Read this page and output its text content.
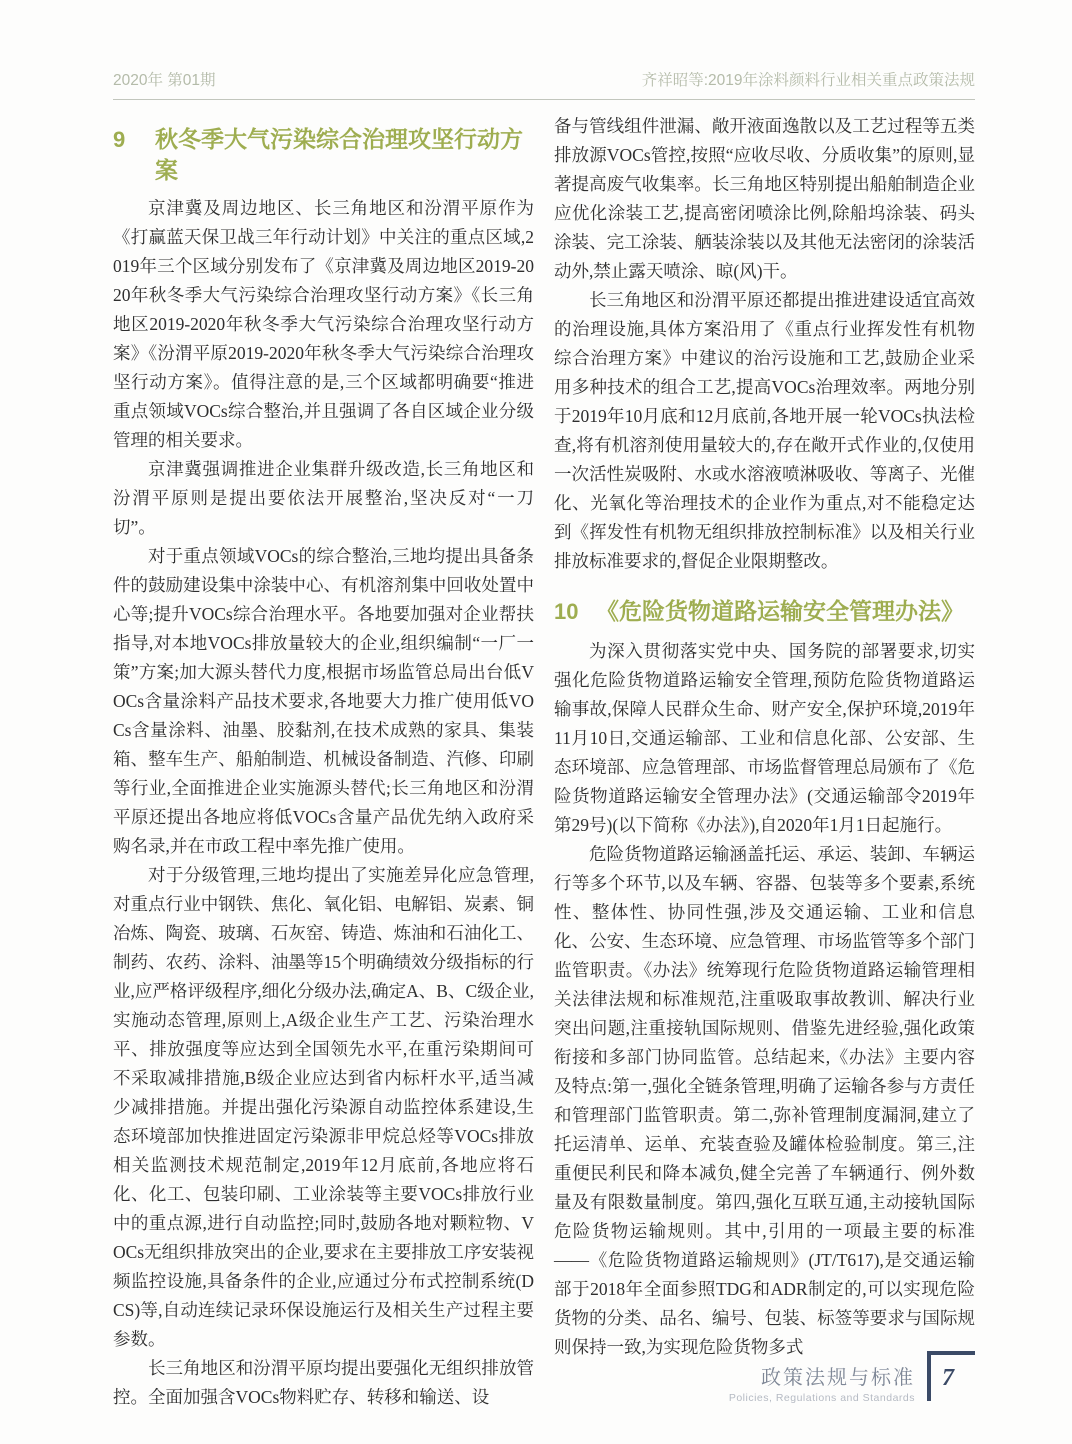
2020年 第01期	齐祥昭等:2019年涂料颜料行业相关重点政策法规
9	秋冬季大气污染综合治理攻坚行动方案

京津冀及周边地区、长三角地区和汾渭平原作为《打赢蓝天保卫战三年行动计划》中关注的重点区域,2019年三个区域分别发布了《京津冀及周边地区2019-2020年秋冬季大气污染综合治理攻坚行动方案》《长三角地区2019-2020年秋冬季大气污染综合治理攻坚行动方案》《汾渭平原2019-2020年秋冬季大气污染综合治理攻坚行动方案》。值得注意的是,三个区域都明确要“推进重点领域VOCs综合整治,并且强调了各自区域企业分级管理的相关要求。

京津冀强调推进企业集群升级改造,长三角地区和汾渭平原则是提出要依法开展整治,坚决反对“一刀切”。

对于重点领域VOCs的综合整治,三地均提出具备条件的鼓励建设集中涂装中心、有机溶剂集中回收处置中心等;提升VOCs综合治理水平。各地要加强对企业帮扶指导,对本地VOCs排放量较大的企业,组织编制“一厂一策”方案;加大源头替代力度,根据市场监管总局出台低VOCs含量涂料产品技术要求,各地要大力推广使用低VOCs含量涂料、油墨、胶黏剂,在技术成熟的家具、集装箱、整车生产、船舶制造、机械设备制造、汽修、印刷等行业,全面推进企业实施源头替代;长三角地区和汾渭平原还提出各地应将低VOCs含量产品优先纳入政府采购名录,并在市政工程中率先推广使用。

对于分级管理,三地均提出了实施差异化应急管理,对重点行业中钢铁、焦化、氧化铝、电解铝、炭素、铜冶炼、陶瓷、玻璃、石灰窑、铸造、炼油和石油化工、制药、农药、涂料、油墨等15个明确绩效分级指标的行业,应严格评级程序,细化分级办法,确定A、B、C级企业,实施动态管理,原则上,A级企业生产工艺、污染治理水平、排放强度等应达到全国领先水平,在重污染期间可不采取减排措施,B级企业应达到省内标杆水平,适当减少减排措施。并提出强化污染源自动监控体系建设,生态环境部加快推进固定污染源非甲烷总烃等VOCs排放相关监测技术规范制定,2019年12月底前,各地应将石化、化工、包装印刷、工业涂装等主要VOCs排放行业中的重点源,进行自动监控;同时,鼓励各地对颗粒物、VOCs无组织排放突出的企业,要求在主要排放工序安装视频监控设施,具备条件的企业,应通过分布式控制系统(DCS)等,自动连续记录环保设施运行及相关生产过程主要参数。

长三角地区和汾渭平原均提出要强化无组织排放管控。全面加强含VOCs物料贮存、转移和输送、设

备与管线组件泄漏、敞开液面逸散以及工艺过程等五类排放源VOCs管控,按照“应收尽收、分质收集”的原则,显著提高废气收集率。长三角地区特别提出船舶制造企业应优化涂装工艺,提高密闭喷涂比例,除船坞涂装、码头涂装、完工涂装、舾装涂装以及其他无法密闭的涂装活动外,禁止露天喷涂、晾(风)干。

长三角地区和汾渭平原还都提出推进建设适宜高效的治理设施,具体方案沿用了《重点行业挥发性有机物综合治理方案》中建议的治污设施和工艺,鼓励企业采用多种技术的组合工艺,提高VOCs治理效率。两地分别于2019年10月底和12月底前,各地开展一轮VOCs执法检查,将有机溶剂使用量较大的,存在敞开式作业的,仅使用一次活性炭吸附、水或水溶液喷淋吸收、等离子、光催化、光氧化等治理技术的企业作为重点,对不能稳定达到《挥发性有机物无组织排放控制标准》以及相关行业排放标准要求的,督促企业限期整改。

10 《危险货物道路运输安全管理办法》

为深入贯彻落实党中央、国务院的部署要求,切实强化危险货物道路运输安全管理,预防危险货物道路运输事故,保障人民群众生命、财产安全,保护环境,2019年11月10日,交通运输部、工业和信息化部、公安部、生态环境部、应急管理部、市场监督管理总局颁布了《危险货物道路运输安全管理办法》(交通运输部令2019年第29号)(以下简称《办法》),自2020年1月1日起施行。

危险货物道路运输涵盖托运、承运、装卸、车辆运行等多个环节,以及车辆、容器、包装等多个要素,系统性、整体性、协同性强,涉及交通运输、工业和信息化、公安、生态环境、应急管理、市场监管等多个部门监管职责。《办法》统筹现行危险货物道路运输管理相关法律法规和标准规范,注重吸取事故教训、解决行业突出问题,注重接轨国际规则、借鉴先进经验,强化政策衔接和多部门协同监管。总结起来,《办法》主要内容及特点:第一,强化全链条管理,明确了运输各参与方责任和管理部门监管职责。第二,弥补管理制度漏洞,建立了托运清单、运单、充装查验及罐体检验制度。第三,注重便民利民和降本减负,健全完善了车辆通行、例外数量及有限数量制度。第四,强化互联互通,主动接轨国际危险货物运输规则。其中,引用的一项最主要的标准——《危险货物道路运输规则》(JT/T617),是交通运输部于2018年全面参照TDG和ADR制定的,可以实现危险货物的分类、品名、编号、包装、标签等要求与国际规则保持一致,为实现危险货物多式

政策法规与标准
Policies, Regulations and Standards
7
